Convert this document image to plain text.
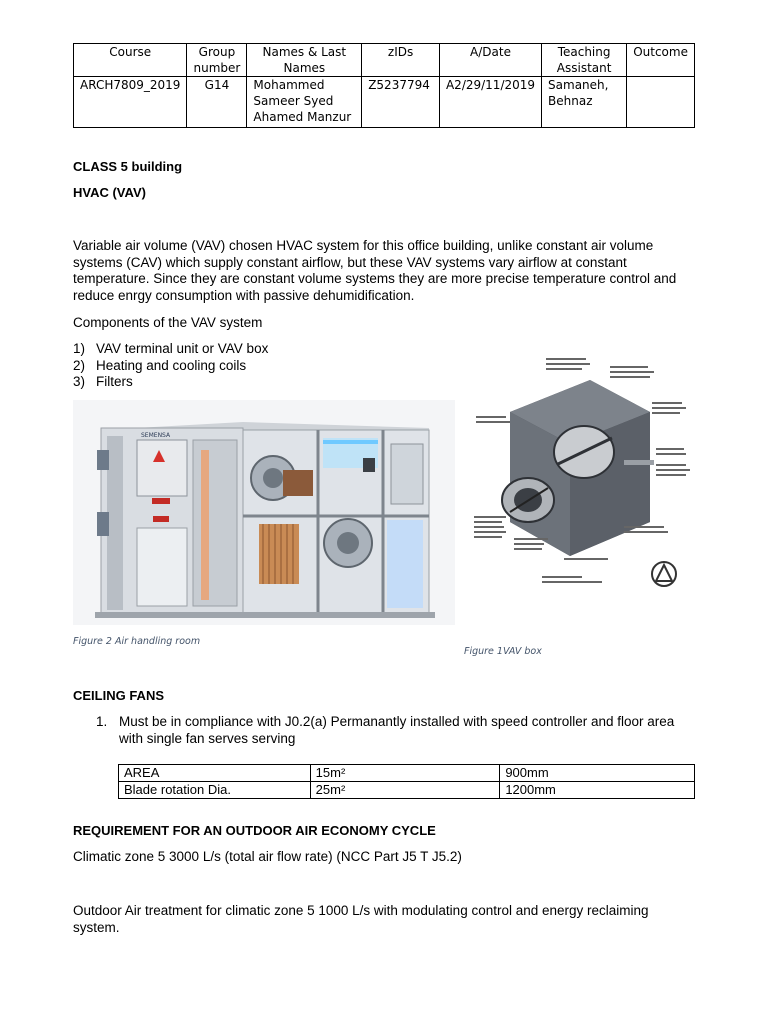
Course	Group number	Names & Last Names	zIDs	A/Date	Teaching Assistant	Outcome
ARCH7809_2019	G14	Mohammed Sameer Syed Ahamed Manzur	Z5237794	A2/29/11/2019	Samaneh, Behnaz	
CLASS 5 building
HVAC (VAV)
Variable air volume (VAV) chosen HVAC system for this office building, unlike constant air volume systems (CAV) which supply constant airflow, but these VAV systems vary airflow at constant temperature. Since they are constant volume systems they are more precise temperature control and reduce enrgy consumption with passive dehumidification.
Components of the VAV system
1) VAV terminal unit or VAV box
2) Heating and cooling coils
3) Filters
SEMENSA
Figure 2 Air handling room
Figure 1VAV box
CEILING FANS
1. Must be in compliance with J0.2(a) Permanantly installed with speed controller and floor area with single fan serves serving
AREA	15m²	900mm
Blade rotation Dia.	25m²	1200mm
REQUIREMENT FOR AN OUTDOOR AIR ECONOMY CYCLE
Climatic zone 5 3000 L/s (total air flow rate) (NCC Part J5 T J5.2)
Outdoor Air treatment for climatic zone 5 1000 L/s with modulating control and energy reclaiming system.
